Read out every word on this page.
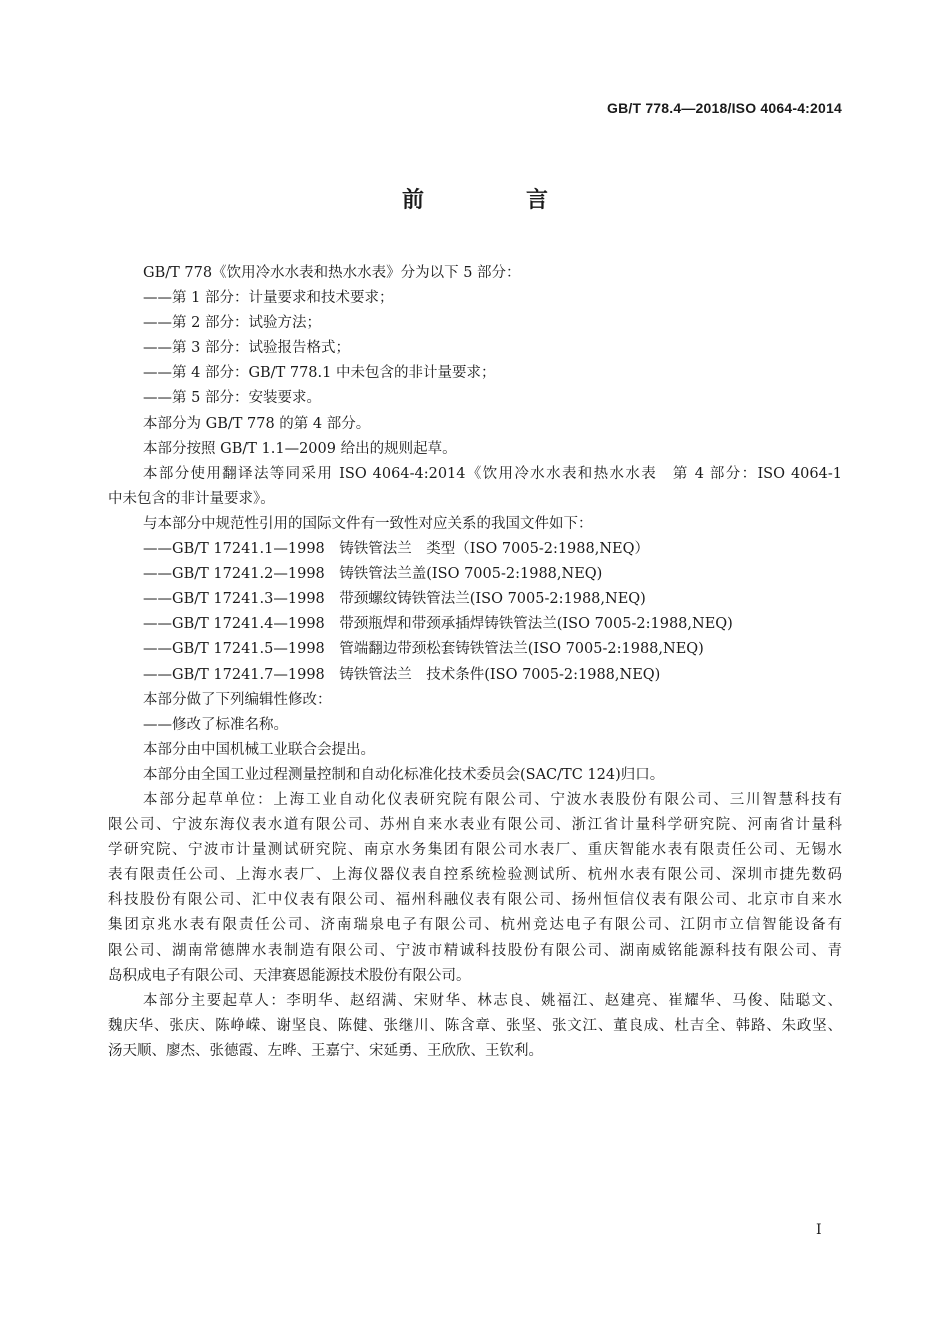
GB/T 778.4—2018/ISO 4064-4:2014
前　言
GB/T 778《饮用冷水水表和热水水表》分为以下 5 部分：
——第 1 部分：计量要求和技术要求；
——第 2 部分：试验方法；
——第 3 部分：试验报告格式；
——第 4 部分：GB/T 778.1 中未包含的非计量要求；
——第 5 部分：安装要求。
本部分为 GB/T 778 的第 4 部分。
本部分按照 GB/T 1.1—2009 给出的规则起草。
本部分使用翻译法等同采用 ISO 4064-4:2014《饮用冷水水表和热水水表　第 4 部分：ISO 4064-1
中未包含的非计量要求》。
与本部分中规范性引用的国际文件有一致性对应关系的我国文件如下：
——GB/T 17241.1—1998　铸铁管法兰　类型（ISO 7005-2:1988,NEQ）
——GB/T 17241.2—1998　铸铁管法兰盖(ISO 7005-2:1988,NEQ)
——GB/T 17241.3—1998　带颈螺纹铸铁管法兰(ISO 7005-2:1988,NEQ)
——GB/T 17241.4—1998　带颈瓶焊和带颈承插焊铸铁管法兰(ISO 7005-2:1988,NEQ)
——GB/T 17241.5—1998　管端翻边带颈松套铸铁管法兰(ISO 7005-2:1988,NEQ)
——GB/T 17241.7—1998　铸铁管法兰　技术条件(ISO 7005-2:1988,NEQ)
本部分做了下列编辑性修改：
——修改了标准名称。
本部分由中国机械工业联合会提出。
本部分由全国工业过程测量控制和自动化标准化技术委员会(SAC/TC 124)归口。
本部分起草单位：上海工业自动化仪表研究院有限公司、宁波水表股份有限公司、三川智慧科技有
限公司、宁波东海仪表水道有限公司、苏州自来水表业有限公司、浙江省计量科学研究院、河南省计量科
学研究院、宁波市计量测试研究院、南京水务集团有限公司水表厂、重庆智能水表有限责任公司、无锡水
表有限责任公司、上海水表厂、上海仪器仪表自控系统检验测试所、杭州水表有限公司、深圳市捷先数码
科技股份有限公司、汇中仪表有限公司、福州科融仪表有限公司、扬州恒信仪表有限公司、北京市自来水
集团京兆水表有限责任公司、济南瑞泉电子有限公司、杭州竞达电子有限公司、江阴市立信智能设备有
限公司、湖南常德牌水表制造有限公司、宁波市精诚科技股份有限公司、湖南威铭能源科技有限公司、青
岛积成电子有限公司、天津赛恩能源技术股份有限公司。
本部分主要起草人：李明华、赵绍满、宋财华、林志良、姚福江、赵建亮、崔耀华、马俊、陆聪文、
魏庆华、张庆、陈峥嵘、谢坚良、陈健、张继川、陈含章、张坚、张文江、董良成、杜吉全、韩路、朱政坚、
汤天顺、廖杰、张德霞、左晔、王嘉宁、宋延勇、王欣欣、王钦利。
I
